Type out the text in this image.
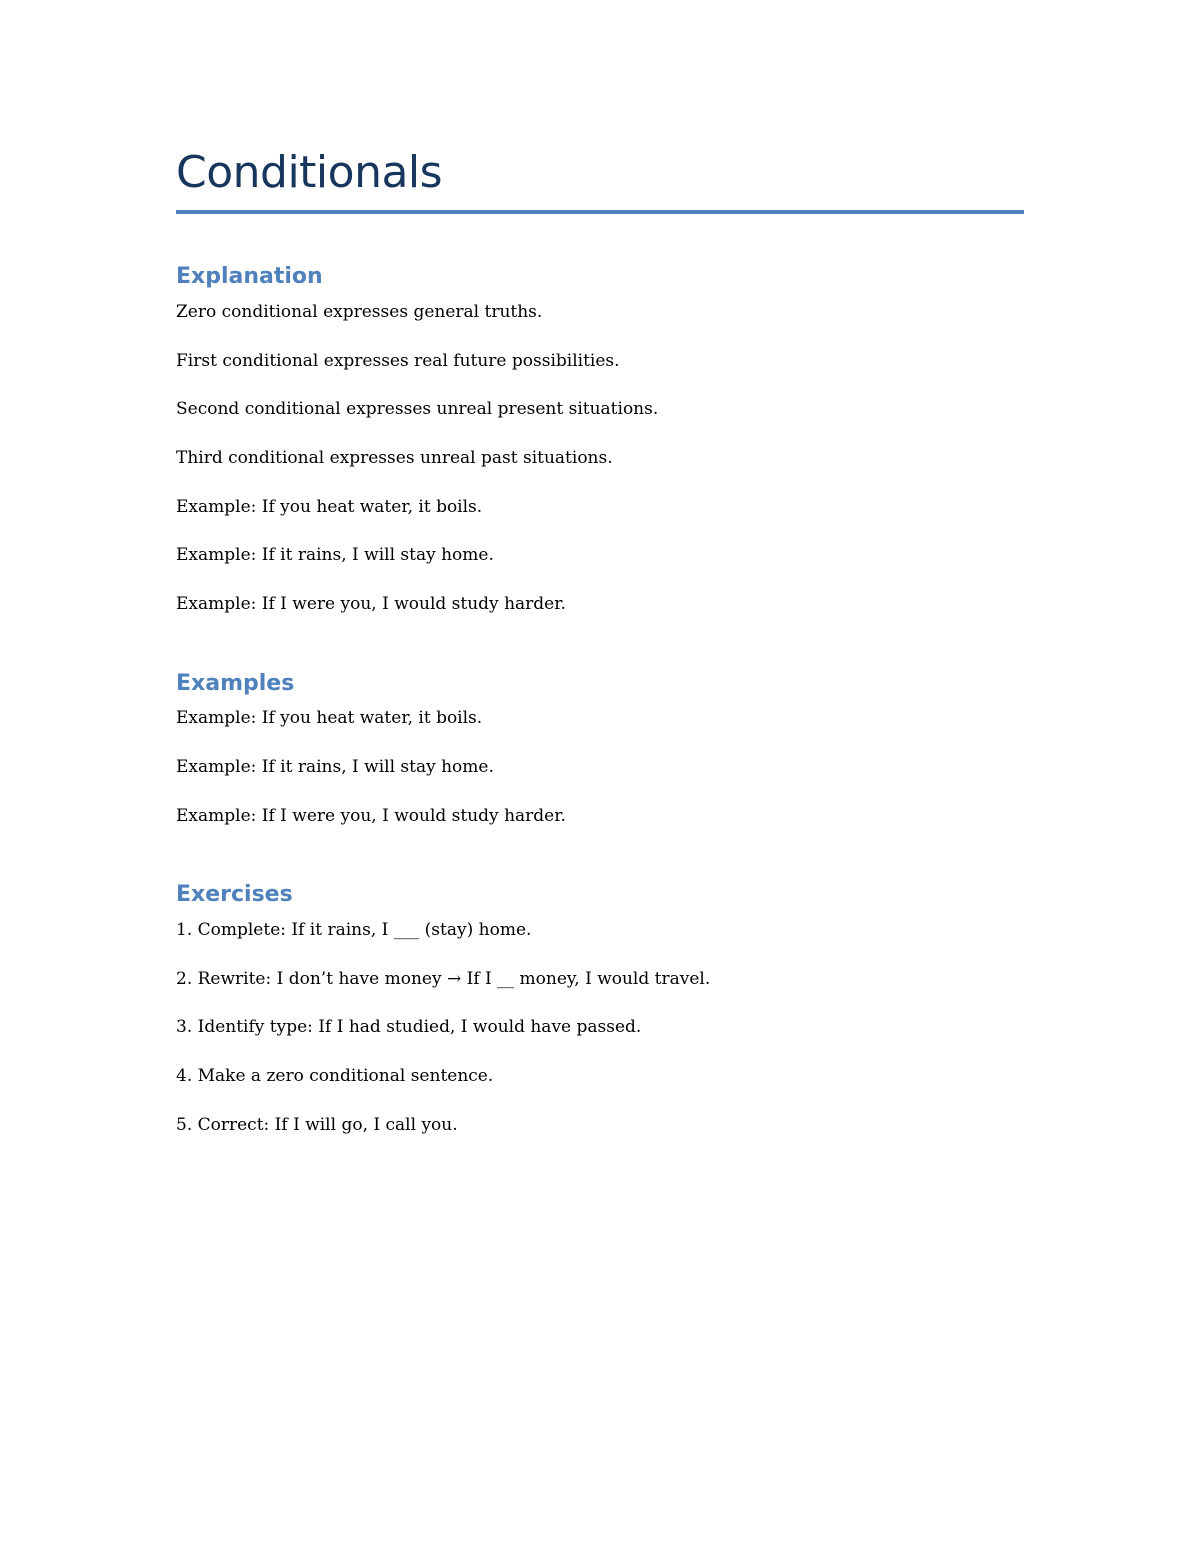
Conditionals
Explanation
Zero conditional expresses general truths.
First conditional expresses real future possibilities.
Second conditional expresses unreal present situations.
Third conditional expresses unreal past situations.
Example: If you heat water, it boils.
Example: If it rains, I will stay home.
Example: If I were you, I would study harder.
Examples
Example: If you heat water, it boils.
Example: If it rains, I will stay home.
Example: If I were you, I would study harder.
Exercises
1. Complete: If it rains, I ___ (stay) home.
2. Rewrite: I don’t have money → If I __ money, I would travel.
3. Identify type: If I had studied, I would have passed.
4. Make a zero conditional sentence.
5. Correct: If I will go, I call you.
